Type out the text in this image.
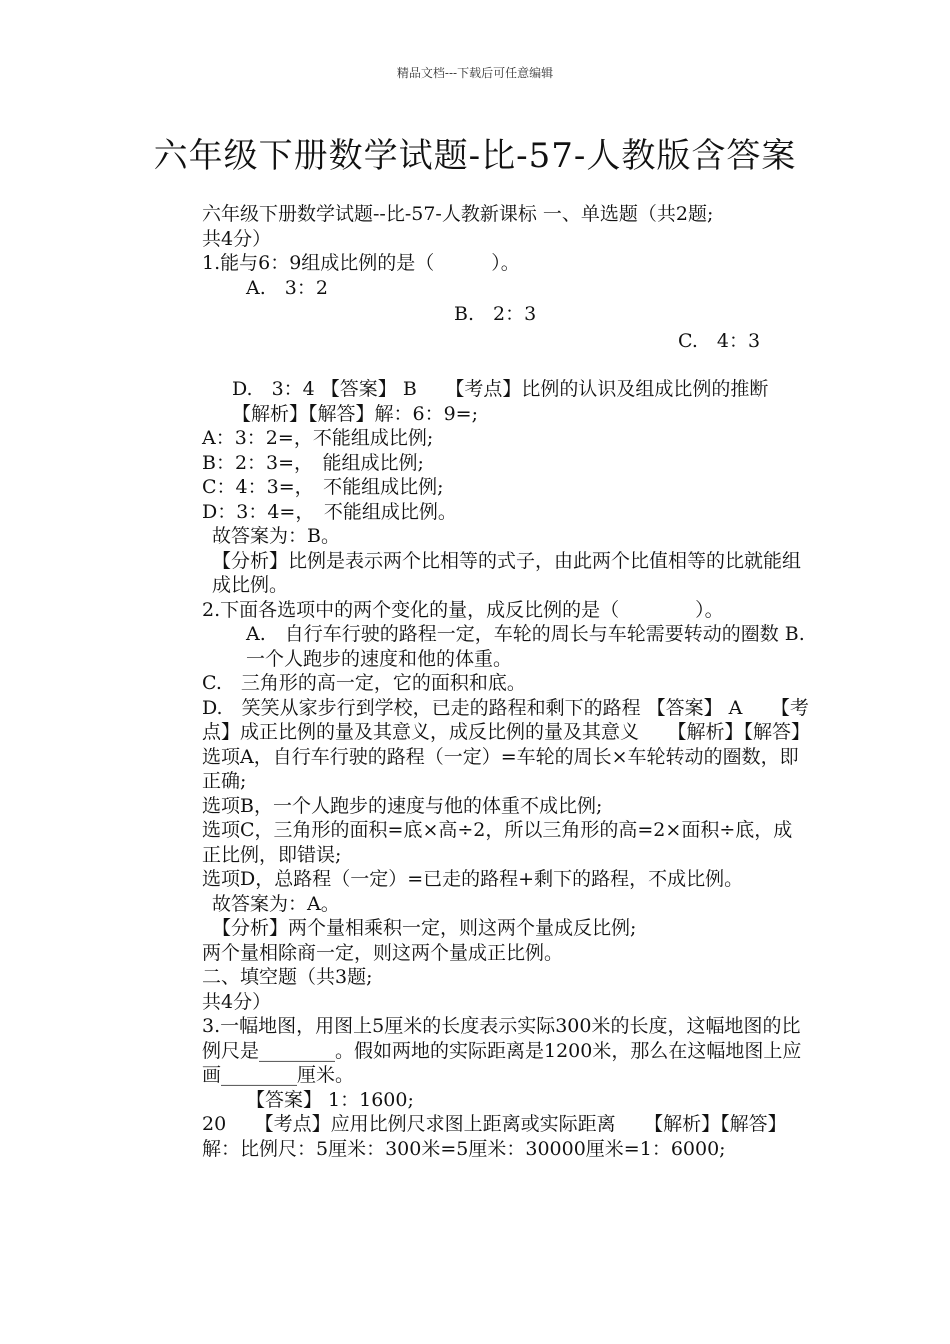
精品文档---下载后可任意编辑
六年级下册数学试题-比-57-人教版含答案
六年级下册数学试题--比-57-人教新课标 一、单选题（共2题;
共4分）
1.能与6：9组成比例的是（　　　）。
A.　3：2
B.　2：3
C.　4：3
D.　3：4 【答案】 B　　【考点】比例的认识及组成比例的推断　　【解析】【解答】解：6：9=;
A：3：2=，不能组成比例;
B：2：3=，　能组成比例;
C：4：3=，　不能组成比例;
D：3：4=，　不能组成比例。
故答案为：B。
【分析】比例是表示两个比相等的式子，由此两个比值相等的比就能组成比例。
2.下面各选项中的两个变化的量，成反比例的是（　　　　）。
A.　自行车行驶的路程一定，车轮的周长与车轮需要转动的圈数 B.　一个人跑步的速度和他的体重。
C.　三角形的高一定，它的面积和底。
D.　笑笑从家步行到学校，已走的路程和剩下的路程 【答案】 A　　【考点】成正比例的量及其意义，成反比例的量及其意义　　【解析】【解答】选项A，自行车行驶的路程（一定）=车轮的周长×车轮转动的圈数，即正确;
选项B，一个人跑步的速度与他的体重不成比例;
选项C，三角形的面积=底×高÷2，所以三角形的高=2×面积÷底，成正比例，即错误;
选项D，总路程（一定）=已走的路程+剩下的路程，不成比例。
故答案为：A。
【分析】两个量相乘积一定，则这两个量成反比例;
两个量相除商一定，则这两个量成正比例。
二、填空题（共3题;
共4分）
3.一幅地图，用图上5厘米的长度表示实际300米的长度，这幅地图的比例尺是________。假如两地的实际距离是1200米，那么在这幅地图上应画________厘米。
【答案】 1：1600;
20　　【考点】应用比例尺求图上距离或实际距离　　【解析】【解答】解：比例尺：5厘米：300米=5厘米：30000厘米=1：6000;
